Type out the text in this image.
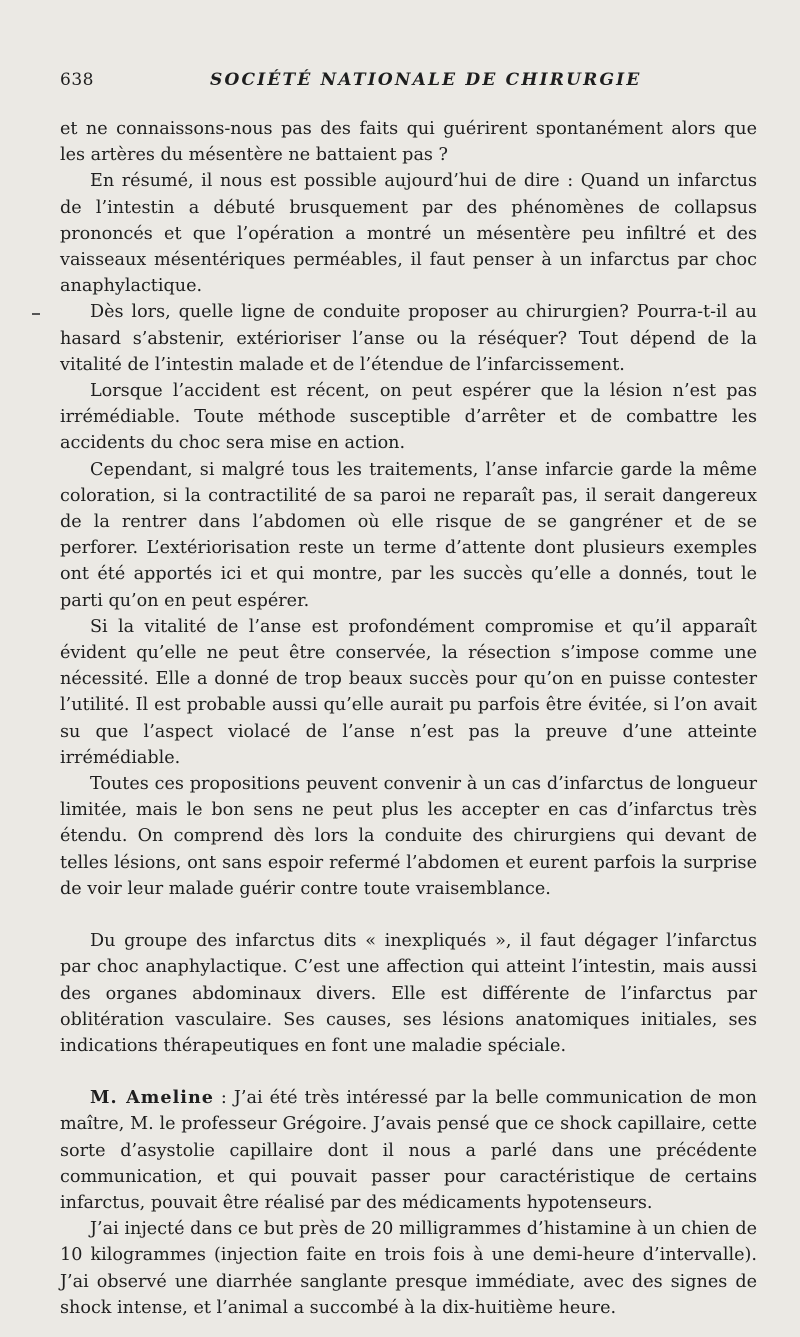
638	SOCIÉTÉ NATIONALE DE CHIRURGIE

et ne connaissons-nous pas des faits qui guérirent spontanément alors que les artères du mésentère ne battaient pas ?

En résumé, il nous est possible aujourd’hui de dire : Quand un infarctus de l’intestin a débuté brusquement par des phénomènes de collapsus prononcés et que l’opération a montré un mésentère peu infiltré et des vaisseaux mésentériques perméables, il faut penser à un infarctus par choc anaphylactique.

Dès lors, quelle ligne de conduite proposer au chirurgien? Pourra-t-il au hasard s’abstenir, extérioriser l’anse ou la réséquer? Tout dépend de la vitalité de l’intestin malade et de l’étendue de l’infarcissement.

Lorsque l’accident est récent, on peut espérer que la lésion n’est pas irrémédiable. Toute méthode susceptible d’arrêter et de combattre les accidents du choc sera mise en action.

Cependant, si malgré tous les traitements, l’anse infarcie garde la même coloration, si la contractilité de sa paroi ne reparaît pas, il serait dangereux de la rentrer dans l’abdomen où elle risque de se gangréner et de se perforer. L’extériorisation reste un terme d’attente dont plusieurs exemples ont été apportés ici et qui montre, par les succès qu’elle a donnés, tout le parti qu’on en peut espérer.

Si la vitalité de l’anse est profondément compromise et qu’il apparaît évident qu’elle ne peut être conservée, la résection s’impose comme une nécessité. Elle a donné de trop beaux succès pour qu’on en puisse contester l’utilité. Il est probable aussi qu’elle aurait pu parfois être évitée, si l’on avait su que l’aspect violacé de l’anse n’est pas la preuve d’une atteinte irrémédiable.

Toutes ces propositions peuvent convenir à un cas d’infarctus de longueur limitée, mais le bon sens ne peut plus les accepter en cas d’infarctus très étendu. On comprend dès lors la conduite des chirurgiens qui devant de telles lésions, ont sans espoir refermé l’abdomen et eurent parfois la surprise de voir leur malade guérir contre toute vraisemblance.

Du groupe des infarctus dits « inexpliqués », il faut dégager l’infarctus par choc anaphylactique. C’est une affection qui atteint l’intestin, mais aussi des organes abdominaux divers. Elle est différente de l’infarctus par oblitération vasculaire. Ses causes, ses lésions anatomiques initiales, ses indications thérapeutiques en font une maladie spéciale.

M. Ameline : J’ai été très intéressé par la belle communication de mon maître, M. le professeur Grégoire. J’avais pensé que ce shock capillaire, cette sorte d’asystolie capillaire dont il nous a parlé dans une précédente communication, et qui pouvait passer pour caractéristique de certains infarctus, pouvait être réalisé par des médicaments hypotenseurs.

J’ai injecté dans ce but près de 20 milligrammes d’histamine à un chien de 10 kilogrammes (injection faite en trois fois à une demi-heure d’intervalle). J’ai observé une diarrhée sanglante presque immédiate, avec des signes de shock intense, et l’animal a succombé à la dix-huitième heure.
